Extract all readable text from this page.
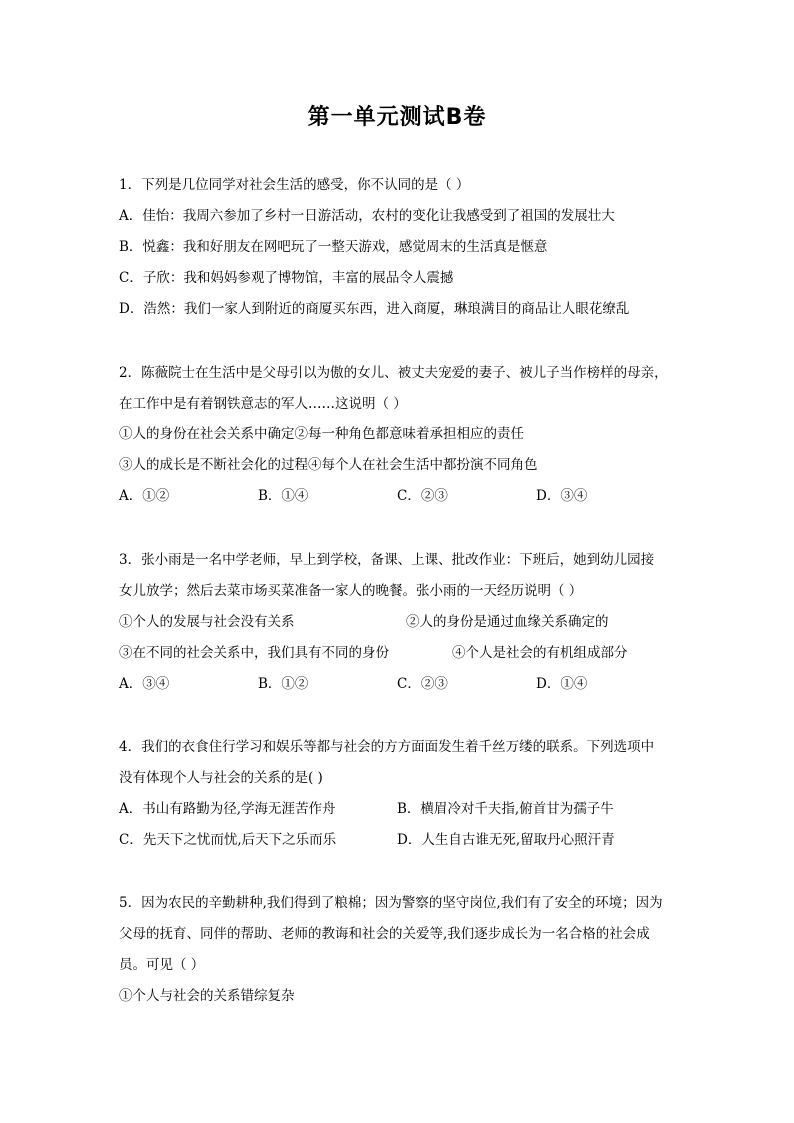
第一单元测试B卷
1．下列是几位同学对社会生活的感受，你不认同的是（ ）
A．佳怡：我周六参加了乡村一日游活动，农村的变化让我感受到了祖国的发展壮大
B．悦鑫：我和好朋友在网吧玩了一整天游戏，感觉周末的生活真是惬意
C．子欣：我和妈妈参观了博物馆，丰富的展品令人震撼
D．浩然：我们一家人到附近的商厦买东西，进入商厦，琳琅满目的商品让人眼花缭乱
2．陈薇院士在生活中是父母引以为傲的女儿、被丈夫宠爱的妻子、被儿子当作榜样的母亲，
在工作中是有着钢铁意志的军人……这说明（ ）
①人的身份在社会关系中确定②每一种角色都意味着承担相应的责任
③人的成长是不断社会化的过程④每个人在社会生活中都扮演不同角色
A．①②	B．①④	C．②③	D．③④
3．张小雨是一名中学老师，早上到学校，备课、上课、批改作业：下班后，她到幼儿园接
女儿放学；然后去菜市场买菜准备一家人的晚餐。张小雨的一天经历说明（ ）
①个人的发展与社会没有关系	②人的身份是通过血缘关系确定的
③在不同的社会关系中，我们具有不同的身份	④个人是社会的有机组成部分
A．③④	B．①②	C．②③	D．①④
4．我们的衣食住行学习和娱乐等都与社会的方方面面发生着千丝万缕的联系。下列选项中
没有体现个人与社会的关系的是( )
A．书山有路勤为径,学海无涯苦作舟	B．横眉冷对千夫指,俯首甘为孺子牛
C．先天下之忧而忧,后天下之乐而乐	D．人生自古谁无死,留取丹心照汗青
5．因为农民的辛勤耕种,我们得到了粮棉；因为警察的坚守岗位,我们有了安全的环境；因为
父母的抚育、同伴的帮助、老师的教诲和社会的关爱等,我们逐步成长为一名合格的社会成
员。可见（ ）
①个人与社会的关系错综复杂
